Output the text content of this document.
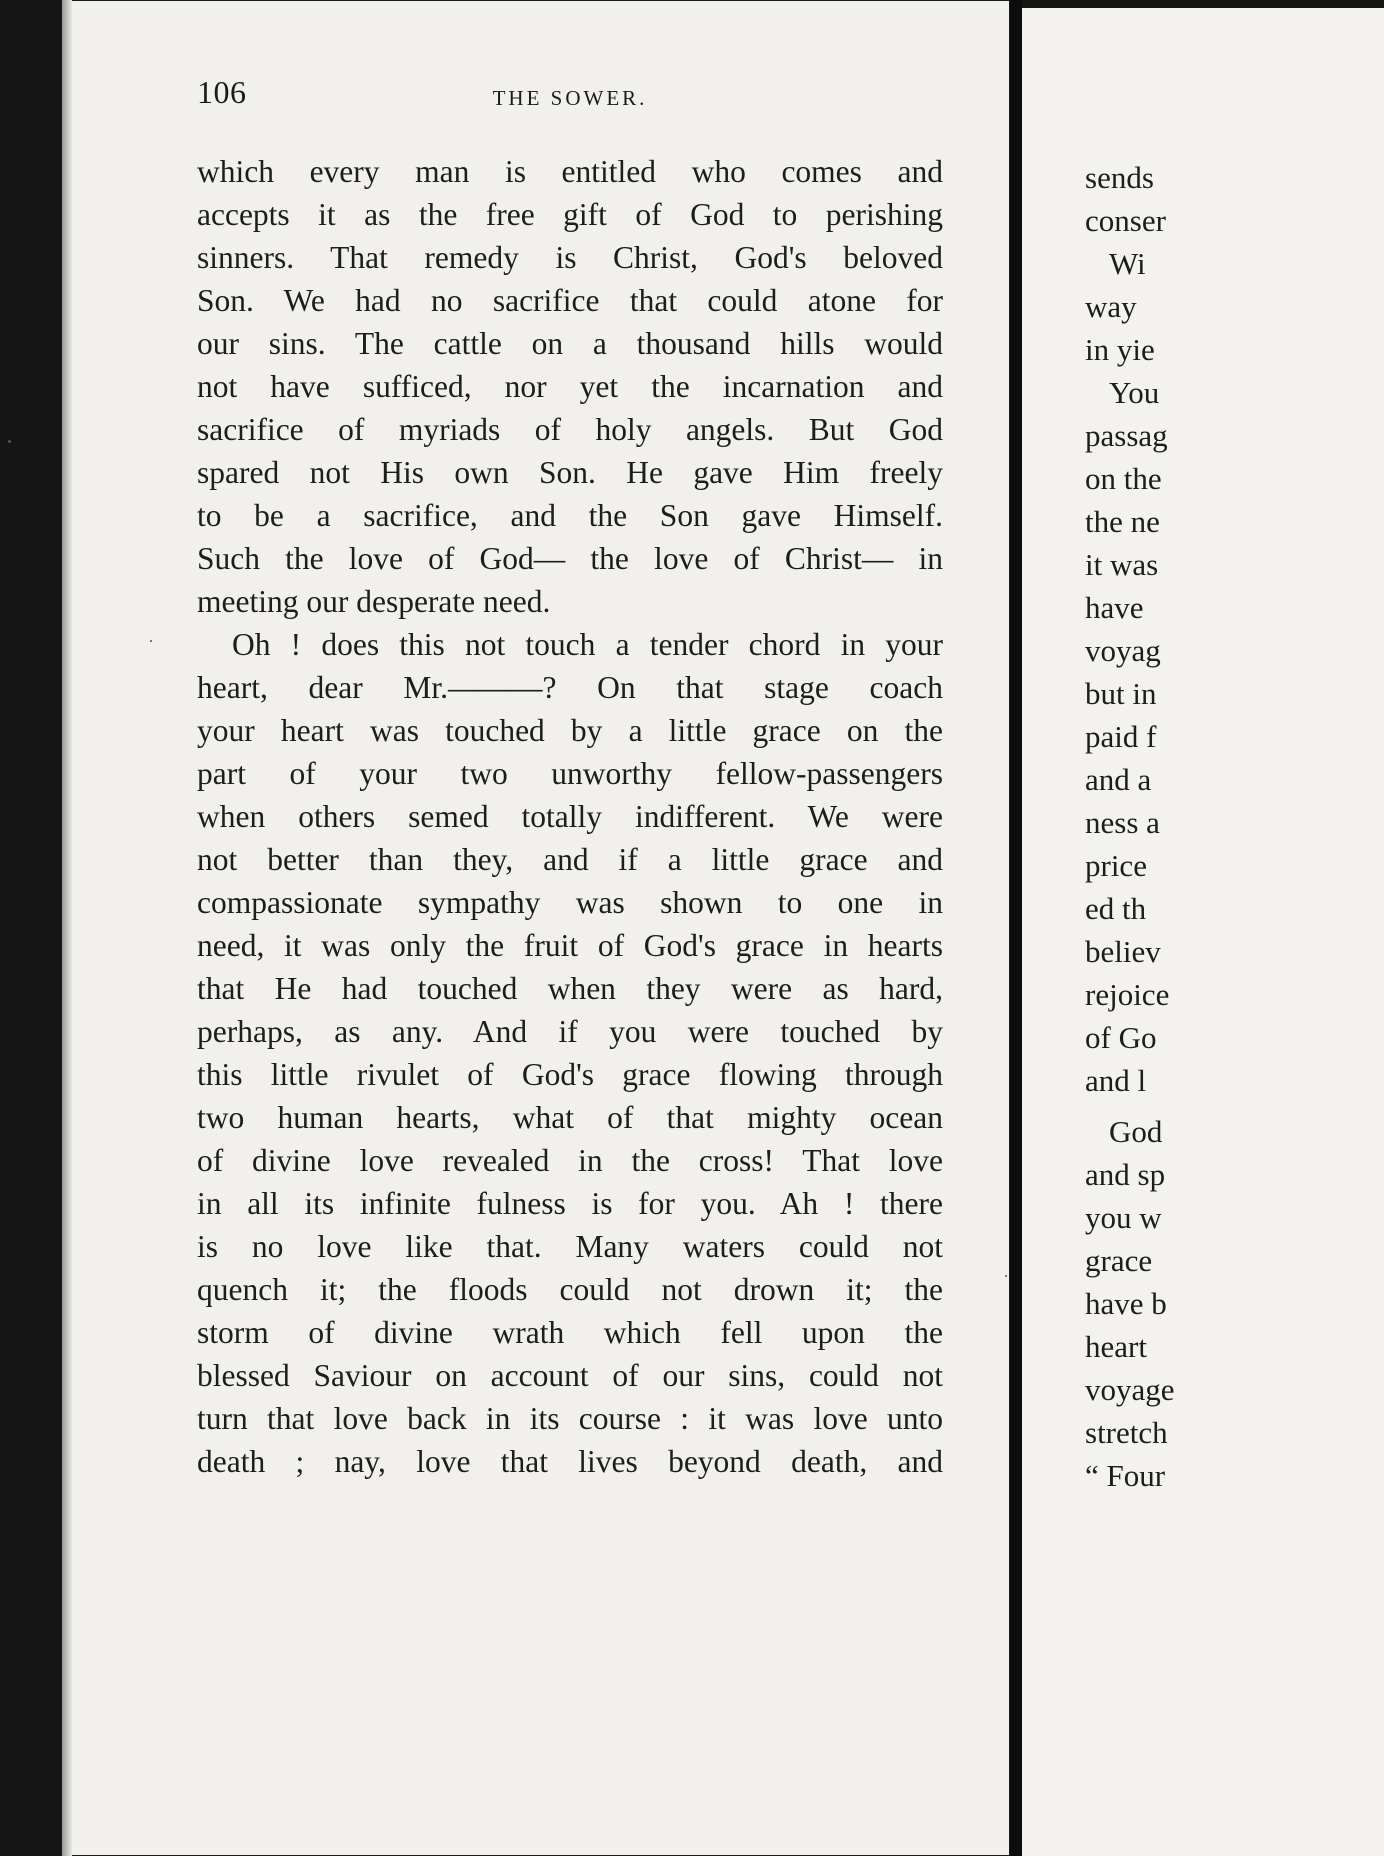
106	THE SOWER.
which every man is entitled who comes and
accepts it as the free gift of God to perishing
sinners. That remedy is Christ, God's beloved
Son. We had no sacrifice that could atone for
our sins. The cattle on a thousand hills would
not have sufficed, nor yet the incarnation and
sacrifice of myriads of holy angels. But God
spared not His own Son. He gave Him freely
to be a sacrifice, and the Son gave Himself.
Such the love of God— the love of Christ— in
meeting our desperate need.
Oh ! does this not touch a tender chord in your
heart, dear Mr.———? On that stage coach
your heart was touched by a little grace on the
part of your two unworthy fellow-passengers
when others semed totally indifferent. We were
not better than they, and if a little grace and
compassionate sympathy was shown to one in
need, it was only the fruit of God's grace in hearts
that He had touched when they were as hard,
perhaps, as any. And if you were touched by
this little rivulet of God's grace flowing through
two human hearts, what of that mighty ocean
of divine love revealed in the cross! That love
in all its infinite fulness is for you. Ah ! there
is no love like that. Many waters could not
quench it; the floods could not drown it; the
storm of divine wrath which fell upon the
blessed Saviour on account of our sins, could not
turn that love back in its course : it was love unto
death ; nay, love that lives beyond death, and
sends
conser
Wi
way
in yie
You
passag
on the
the ne
it was
have
voyag
but in
paid f
and a
ness a
price
ed th
believ
rejoice
of Go
and l
God
and sp
you w
grace
have b
heart
voyage
stretch
“ Four
